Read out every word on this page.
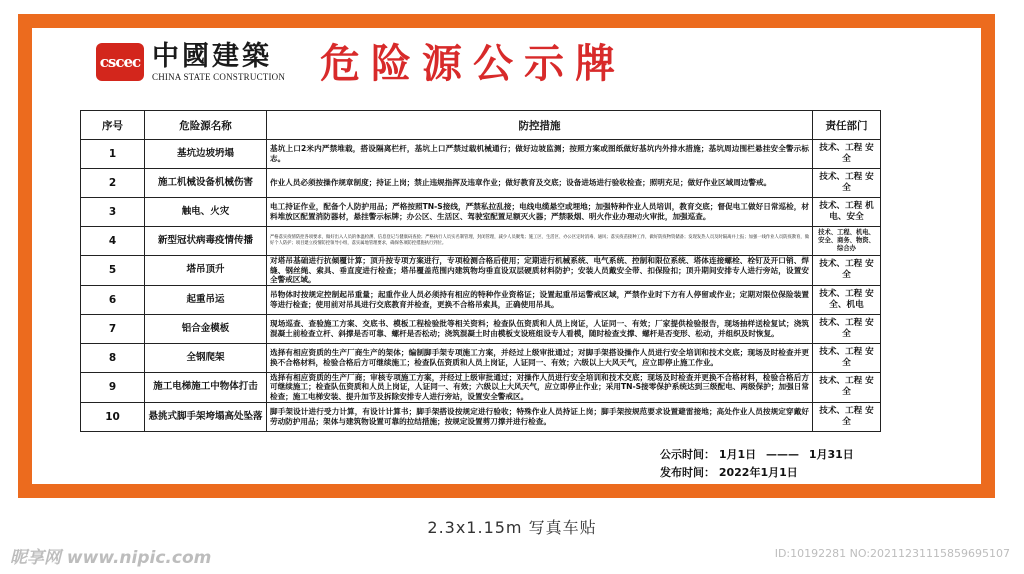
cscec 中國建築
CHINA STATE CONSTRUCTION 危险源公示牌
序号	危险源名称	防控措施	责任部门
1	基坑边坡坍塌	基坑上口2米内严禁堆载，搭设隔离栏杆，基坑上口严禁过载机械通行；做好边坡监测；按照方案或图纸做好基坑内外排水措施；基坑周边围栏悬挂安全警示标志。	技术、工程 安全
2	施工机械设备机械伤害	作业人员必须按操作规章制度；持证上岗；禁止违规指挥及违章作业；做好教育及交底；设备进场进行验收检查；照明充足；做好作业区域周边警戒。	技术、工程 安全
3	触电、火灾	电工持证作业，配备个人防护用品；严格按照TN-S接线，严禁私拉乱接；电线电缆悬空或埋地；加强特种作业人员培训，教育交底；督促电工做好日常巡检，材料堆放区配置消防器材，悬挂警示标牌；办公区、生活区、驾驶室配置足额灭火器；严禁吸烟、明火作业办理动火审批，加强巡查。	技术、工程 机电、安全
4	新型冠状病毒疫情传播	严格落实疫情防控各项要求，做好出入人员的体温检测、信息登记与健康码查验；严格执行人员实名制管理，封闭管理，减少人员聚集；施工区、生活区、办公区定时消毒、通风；落实疫苗接种工作，做好防疫物资储备；发现发热人员及时隔离并上报；加强一线作业人员防疫教育，做好个人防护；项目建立疫情防控领导小组，落实属地管理要求，确保各项防控措施执行到位。	技术、工程、机电、安全、商务、物资、综合办
5	塔吊顶升	对塔吊基础进行抗倾覆计算；顶升按专项方案进行，专项检测合格后使用；定期进行机械系统、电气系统、控制和限位系统、塔体连接螺栓、栓钉及开口销、焊缝、钢丝绳、索具、垂直度进行检查；塔吊覆盖范围内建筑物均垂直设双层硬质材料防护；安装人员戴安全带、扣保险扣；顶升期间安排专人进行旁站，设置安全警戒区域。	技术、工程 安全
6	起重吊运	吊物体时按规定控制起吊重量；起重作业人员必须持有相应的特种作业资格证；设置起重吊运警戒区域，严禁作业时下方有人停留或作业；定期对限位保险装置等进行检查；使用前对吊具进行交底教育并检查，更换不合格吊索具，正确使用吊具。	技术、工程 安全、机电
7	铝合金模板	现场巡查、查验施工方案、交底书、模板工程检验批等相关资料；检查队伍资质和人员上岗证，人证同一、有效；厂家提供检验报告，现场抽样送检复试；浇筑混凝土前检查立杆、斜撑是否可靠、螺杆是否松动；浇筑混凝土时由模板支设班组设专人看模，随时检查支撑、螺杆是否变形、松动，并组织及时恢复。	技术、工程 安全
8	全钢爬架	选择有相应资质的生产厂商生产的架体；编制脚手架专项施工方案，并经过上级审批通过；对脚手架搭设操作人员进行安全培训和技术交底；现场及时检查并更换不合格材料，检验合格后方可继续施工；检查队伍资质和人员上岗证，人证同一、有效；六级以上大风天气，应立即停止施工作业。	技术、工程 安全
9	施工电梯施工中物体打击	选择有相应资质的生产厂商；审核专项施工方案，并经过上级审批通过；对操作人员进行安全培训和技术交底；现场及时检查并更换不合格材料，检验合格后方可继续施工；检查队伍资质和人员上岗证，人证同一、有效；六级以上大风天气，应立即停止作业；采用TN-S接零保护系统达到三级配电、两级保护；加强日常检查；施工电梯安装、提升加节及拆除安排专人进行旁站，设置安全警戒区。	技术、工程 安全
10	悬挑式脚手架垮塌高处坠落	脚手架设计进行受力计算，有设计计算书；脚手架搭设按规定进行验收；特殊作业人员持证上岗；脚手架按规范要求设置避雷接地；高处作业人员按规定穿戴好劳动防护用品；架体与建筑物设置可靠的拉结措施；按规定设置剪刀撑并进行检查。	技术、工程 安全
公示时间： 1月1日 ——— 1月31日
发布时间： 2022年1月1日
2.3x1.15m 写真车贴
昵享网 www.nipic.com	ID:10192281 NO:20211231115859695107
